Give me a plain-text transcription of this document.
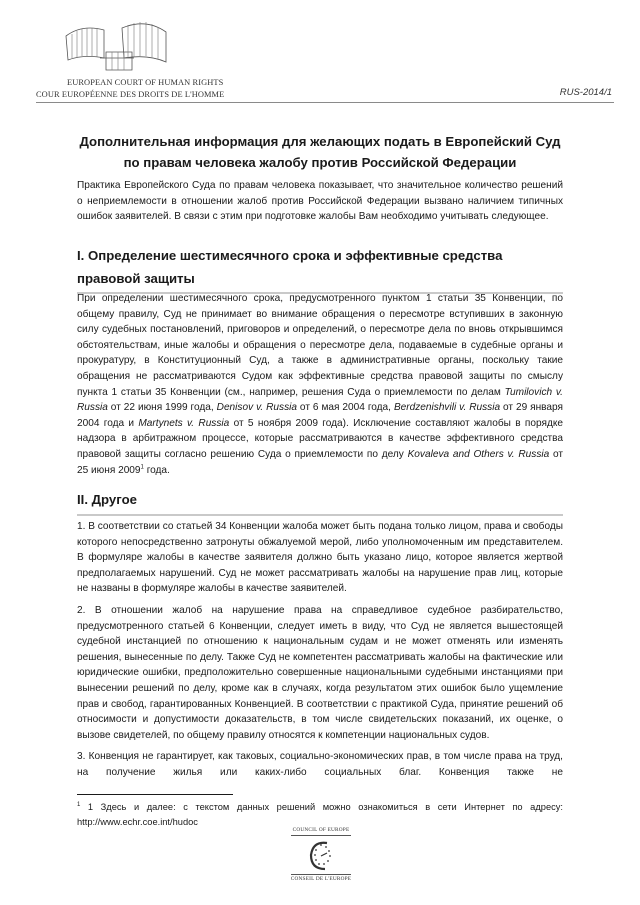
EUROPEAN COURT OF HUMAN RIGHTS
COUR EUROPÉENNE DES DROITS DE L'HOMME	RUS-2014/1
Дополнительная информация для желающих подать в Европейский Суд
по правам человека жалобу против Российской Федерации
Практика Европейского Суда по правам человека показывает, что значительное количество решений о неприемлемости в отношении жалоб против Российской Федерации вызвано наличием типичных ошибок заявителей. В связи с этим при подготовке жалобы Вам необходимо учитывать следующее.
I. Определение шестимесячного срока и эффективные средства правовой защиты
При определении шестимесячного срока, предусмотренного пунктом 1 статьи 35 Конвенции, по общему правилу, Суд не принимает во внимание обращения о пересмотре вступивших в законную силу судебных постановлений, приговоров и определений, о пересмотре дела по вновь открывшимся обстоятельствам, иные жалобы и обращения о пересмотре дела, подаваемые в судебные органы и прокуратуру, в Конституционный Суд, а также в административные органы, поскольку такие обращения не рассматриваются Судом как эффективные средства правовой защиты по смыслу пункта 1 статьи 35 Конвенции (см., например, решения Суда о приемлемости по делам Tumilovich v. Russia от 22 июня 1999 года, Denisov v. Russia от 6 мая 2004 года, Berdzenishvili v. Russia от 29 января 2004 года и Martynets v. Russia от 5 ноября 2009 года). Исключение составляют жалобы в порядке надзора в арбитражном процессе, которые рассматриваются в качестве эффективного средства правовой защиты согласно решению Суда о приемлемости по делу Kovaleva and Others v. Russia от 25 июня 2009$^1$ года.
II. Другое
1. В соответствии со статьей 34 Конвенции жалоба может быть подана только лицом, права и свободы которого непосредственно затронуты обжалуемой мерой, либо уполномоченным им представителем. В формуляре жалобы в качестве заявителя должно быть указано лицо, которое является жертвой предполагаемых нарушений. Суд не может рассматривать жалобы на нарушение прав лиц, которые не названы в формуляре жалобы в качестве заявителей.
2. В отношении жалоб на нарушение права на справедливое судебное разбирательство, предусмотренного статьей 6 Конвенции, следует иметь в виду, что Суд не является вышестоящей судебной инстанцией по отношению к национальным судам и не может отменять или изменять решения, вынесенные по делу. Также Суд не компетентен рассматривать жалобы на фактические или юридические ошибки, предположительно совершенные национальными судебными инстанциями при вынесении решений по делу, кроме как в случаях, когда результатом этих ошибок было ущемление прав и свобод, гарантированных Конвенцией. В соответствии с практикой Суда, принятие решений об относимости и допустимости доказательств, в том числе свидетельских показаний, их оценке, о вызове свидетелей, по общему правилу относятся к компетенции национальных судов.
3. Конвенция не гарантирует, как таковых, социально-экономических прав, в том числе права на труд, на получение жилья или каких-либо социальных благ. Конвенция также не
$^1$ 1 Здесь и далее: с текстом данных решений можно ознакомиться в сети Интернет по адресу: http://www.echr.coe.int/hudoc
COUNCIL OF EUROPE
CONSEIL DE L'EUROPE
